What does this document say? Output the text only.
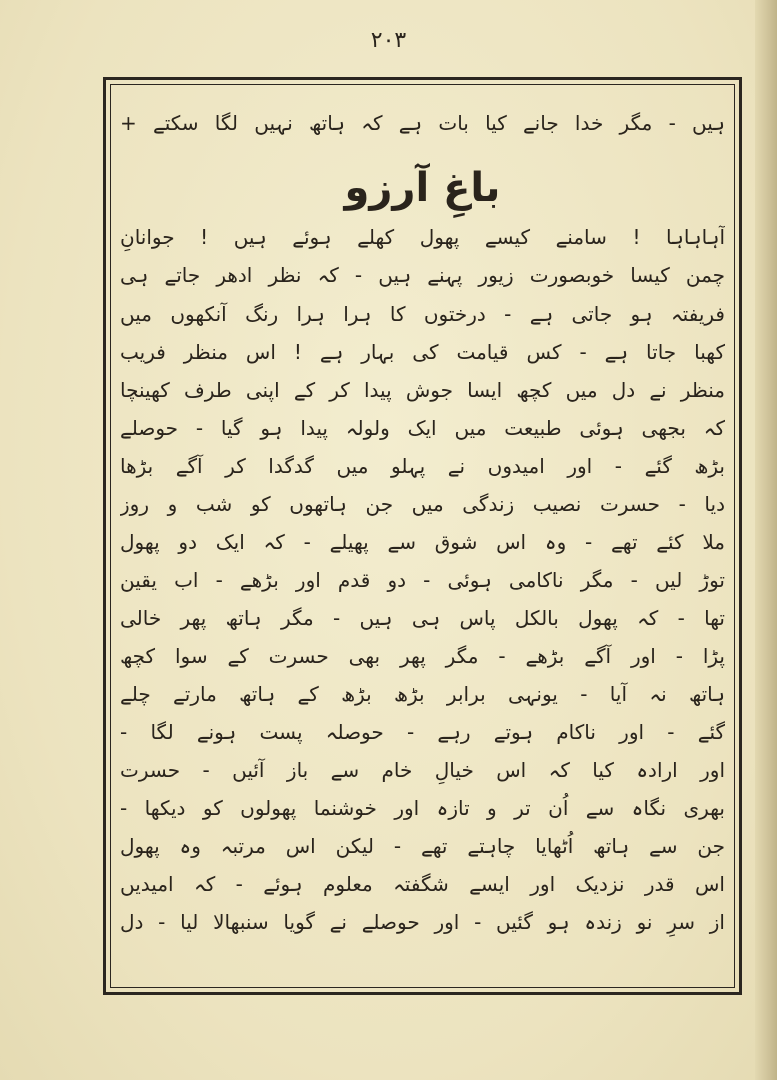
۲۰۳
ہیں - مگر خدا جانے کیا بات ہے کہ ہاتھ نہیں لگا سکتے +
باغِ آرزو
آہاہاہا ! سامنے کیسے پھول کھلے ہوئے ہیں ! جوانانِ
چمن کیسا خوبصورت زیور پہنے ہیں - کہ نظر ادھر جاتے ہی
فریفتہ ہو جاتی ہے - درختوں کا ہرا ہرا رنگ آنکھوں میں
کھبا جاتا ہے - کس قیامت کی بہار ہے ! اس منظر فریب
منظر نے دل میں کچھ ایسا جوش پیدا کر کے اپنی طرف کھینچا
کہ بجھی ہوئی طبیعت میں ایک ولولہ پیدا ہو گیا - حوصلے
بڑھ گئے - اور امیدوں نے پہلو میں گدگدا کر آگے بڑھا
دیا - حسرت نصیب زندگی میں جن ہاتھوں کو شب و روز
ملا کئے تھے - وہ اس شوق سے پھیلے - کہ ایک دو پھول
توڑ لیں - مگر ناکامی ہوئی - دو قدم اور بڑھے - اب یقین
تھا - کہ پھول بالکل پاس ہی ہیں - مگر ہاتھ پھر خالی
پڑا - اور آگے بڑھے - مگر پھر بھی حسرت کے سوا کچھ
ہاتھ نہ آیا - یونہی برابر بڑھ بڑھ کے ہاتھ مارتے چلے
گئے - اور ناکام ہوتے رہے - حوصلہ پست ہونے لگا -
اور ارادہ کیا کہ اس خیالِ خام سے باز آئیں - حسرت
بھری نگاہ سے اُن تر و تازہ اور خوشنما پھولوں کو دیکھا -
جن سے ہاتھ اُٹھایا چاہتے تھے - لیکن اس مرتبہ وہ پھول
اس قدر نزدیک اور ایسے شگفتہ معلوم ہوئے - کہ امیدیں
از سرِ نو زندہ ہو گئیں - اور حوصلے نے گویا سنبھالا لیا - دل
